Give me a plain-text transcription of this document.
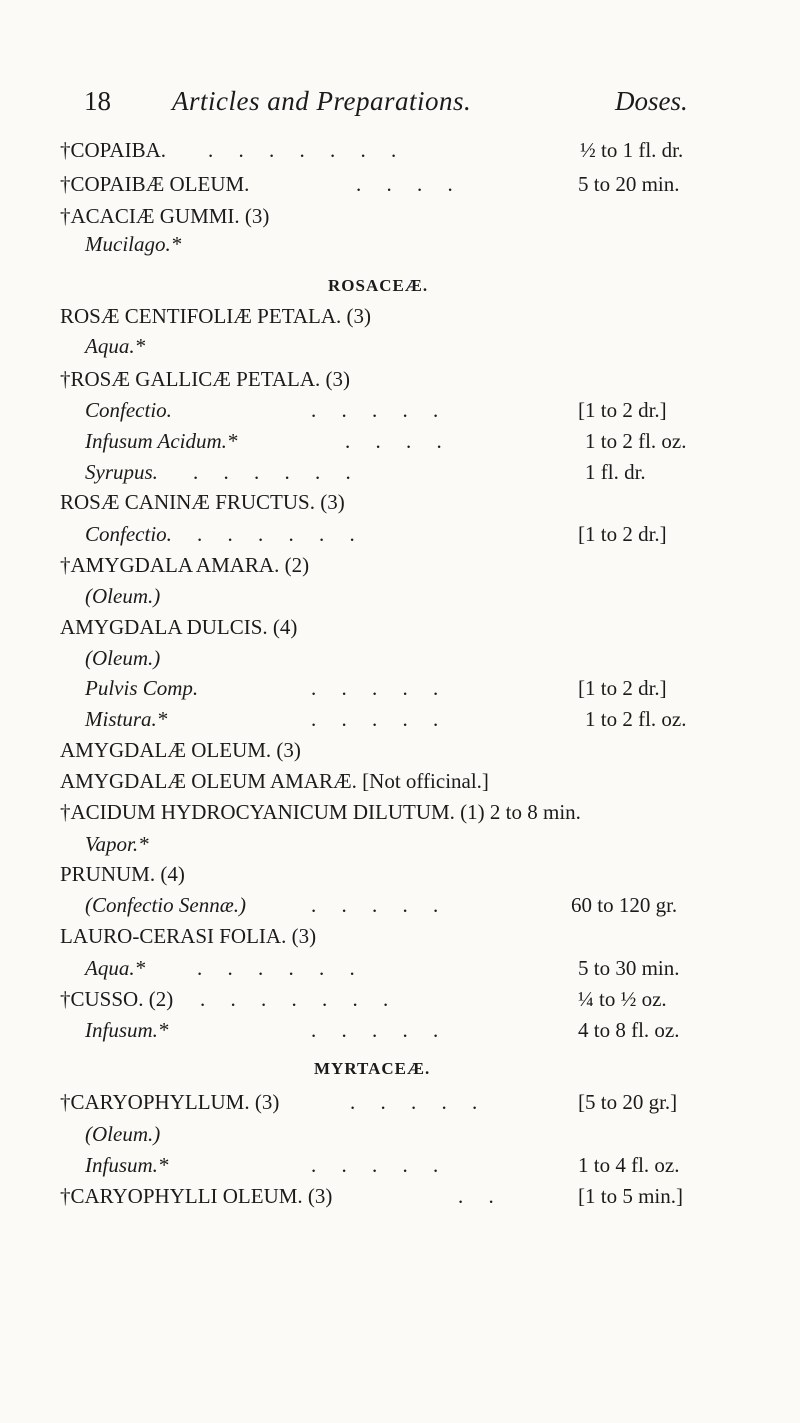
18 Articles and Preparations.	Doses.
†COPAIBA. . . . . . . .	½ to 1 fl. dr.
†COPAIBÆ OLEUM.	. . . .	5 to 20 min.
†ACACIÆ GUMMI. (3)
Mucilago.*
ROSACEÆ.
ROSÆ CENTIFOLIÆ PETALA. (3)
Aqua.*
†ROSÆ GALLICÆ PETALA. (3)
Confectio.	. . . . .	[1 to 2 dr.]
Infusum Acidum.*	. . . .	1 to 2 fl. oz.
Syrupus. . . . . . .	1 fl. dr.
ROSÆ CANINÆ FRUCTUS. (3)
Confectio. . . . . . .	[1 to 2 dr.]
†AMYGDALA AMARA. (2)
(Oleum.)
AMYGDALA DULCIS. (4)
(Oleum.)
Pulvis Comp.	. . . . .	[1 to 2 dr.]
Mistura.*	. . . . .	1 to 2 fl. oz.
AMYGDALÆ OLEUM. (3)
AMYGDALÆ OLEUM AMARÆ. [Not officinal.]
†ACIDUM HYDROCYANICUM DILUTUM. (1) 2 to 8 min.
Vapor.*
PRUNUM. (4)
(Confectio Sennæ.)	. . . . .	60 to 120 gr.
LAURO-CERASI FOLIA. (3)
Aqua.* . . . . . .	5 to 30 min.
†CUSSO. (2) . . . . . . .	¼ to ½ oz.
Infusum.*	. . . . .	4 to 8 fl. oz.
MYRTACEÆ.
†CARYOPHYLLUM. (3)	. . . . .	[5 to 20 gr.]
(Oleum.)
Infusum.*	. . . . .	1 to 4 fl. oz.
†CARYOPHYLLI OLEUM. (3)	. .	[1 to 5 min.]
